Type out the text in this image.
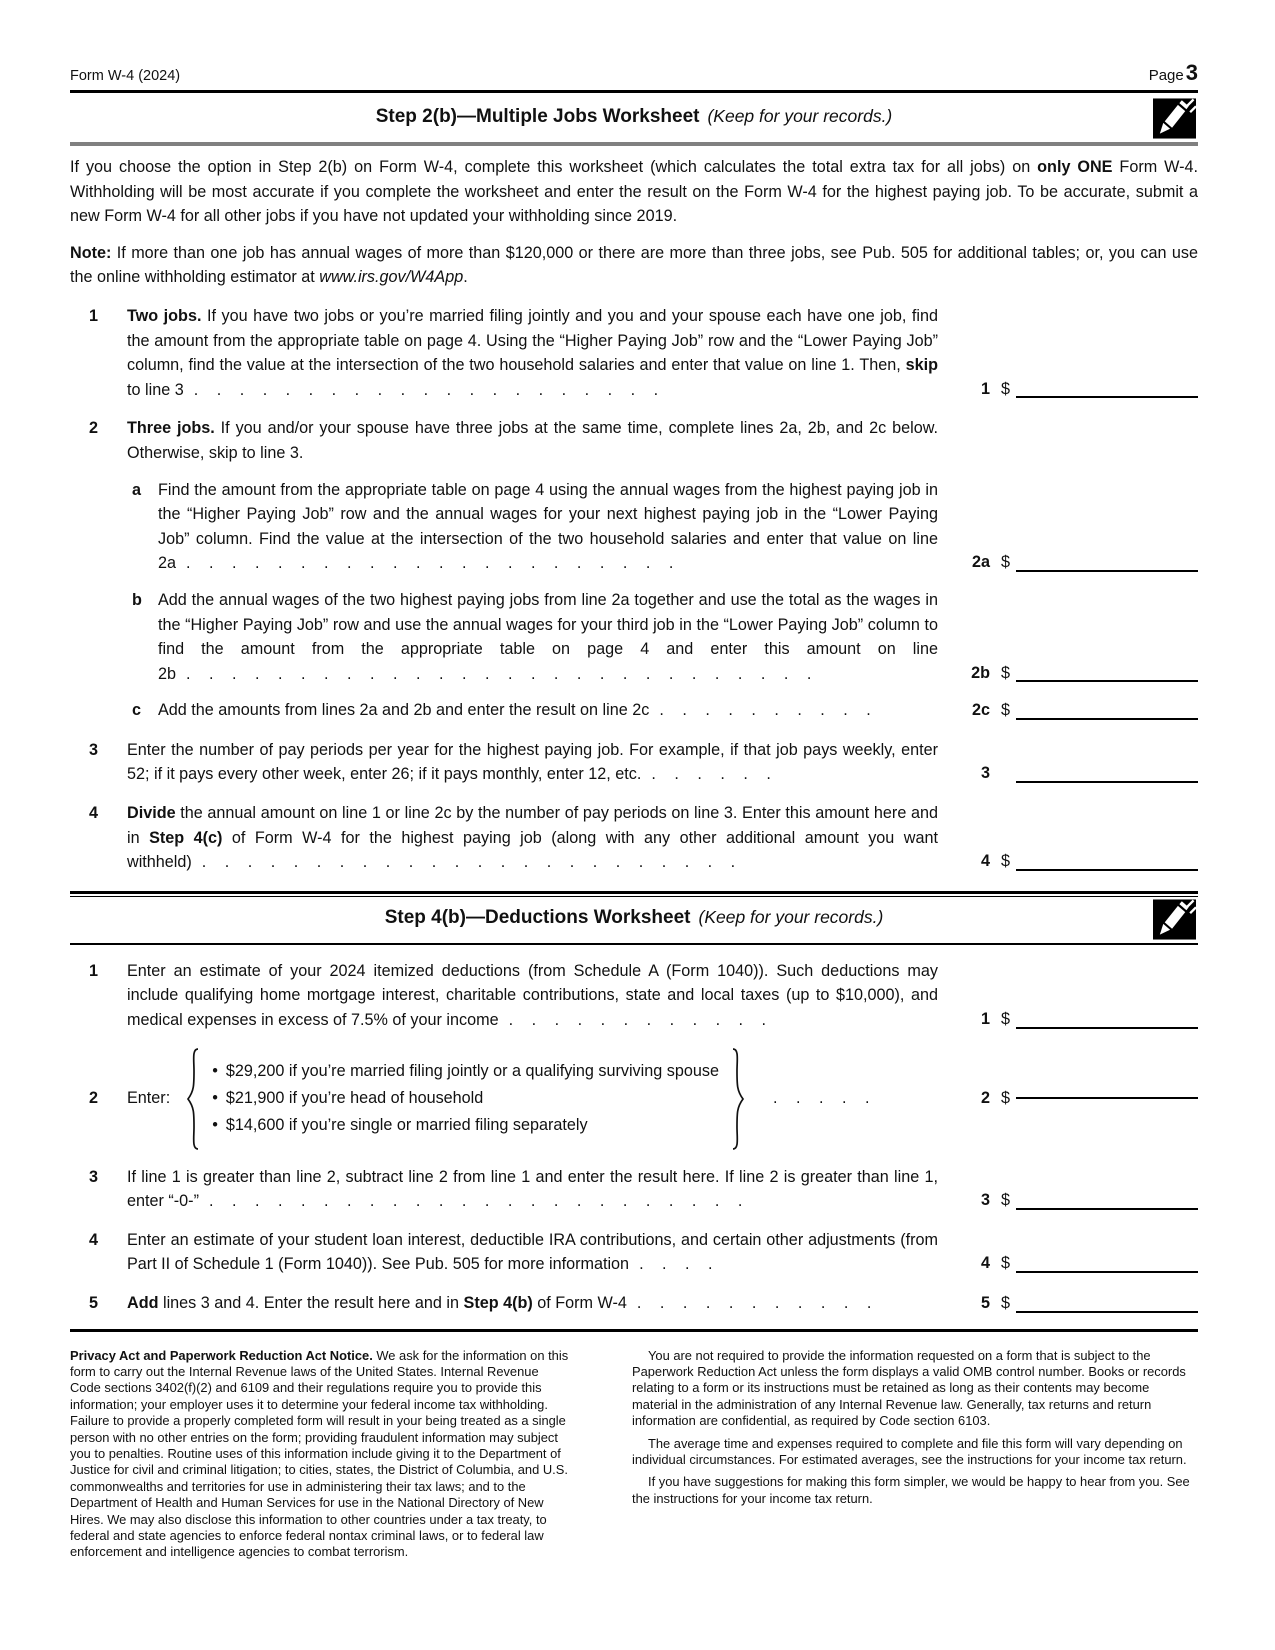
Form W-4 (2024)	Page 3
Step 2(b)—Multiple Jobs Worksheet (Keep for your records.)
If you choose the option in Step 2(b) on Form W-4, complete this worksheet (which calculates the total extra tax for all jobs) on only ONE Form W-4. Withholding will be most accurate if you complete the worksheet and enter the result on the Form W-4 for the highest paying job. To be accurate, submit a new Form W-4 for all other jobs if you have not updated your withholding since 2019.
Note: If more than one job has annual wages of more than $120,000 or there are more than three jobs, see Pub. 505 for additional tables; or, you can use the online withholding estimator at www.irs.gov/W4App.
1	Two jobs. If you have two jobs or you’re married filing jointly and you and your spouse each have one job, find the amount from the appropriate table on page 4. Using the “Higher Paying Job” row and the “Lower Paying Job” column, find the value at the intersection of the two household salaries and enter that value on line 1. Then, skip to line 3 . . . . . . . . . . . . . . . . . . . . .	1 $
2	Three jobs. If you and/or your spouse have three jobs at the same time, complete lines 2a, 2b, and 2c below. Otherwise, skip to line 3.
a	Find the amount from the appropriate table on page 4 using the annual wages from the highest paying job in the “Higher Paying Job” row and the annual wages for your next highest paying job in the “Lower Paying Job” column. Find the value at the intersection of the two household salaries and enter that value on line 2a . . . . . . . . . . . . . . . . . . . . . .	2a $
b Add the annual wages of the two highest paying jobs from line 2a together and use the total as the wages in the “Higher Paying Job” row and use the annual wages for your third job in the “Lower Paying Job” column to find the amount from the appropriate table on page 4 and enter this amount on line 2b . . . . . . . . . . . . . . . . . . . . . . . . . . . .	2b $
c	Add the amounts from lines 2a and 2b and enter the result on line 2c . . . . . . . . . .	2c $
3	Enter the number of pay periods per year for the highest paying job. For example, if that job pays weekly, enter 52; if it pays every other week, enter 26; if it pays monthly, enter 12, etc. . . . . . .	3
4	Divide the annual amount on line 1 or line 2c by the number of pay periods on line 3. Enter this amount here and in Step 4(c) of Form W-4 for the highest paying job (along with any other additional amount you want withheld) . . . . . . . . . . . . . . . . . . . . . . . .	4 $
Step 4(b)—Deductions Worksheet (Keep for your records.)
1	Enter an estimate of your 2024 itemized deductions (from Schedule A (Form 1040)). Such deductions may include qualifying home mortgage interest, charitable contributions, state and local taxes (up to $10,000), and medical expenses in excess of 7.5% of your income . . . . . . . . . . . .	1 $
2	Enter:
• $29,200 if you’re married filing jointly or a qualifying surviving spouse
• $21,900 if you’re head of household
• $14,600 if you’re single or married filing separately
. . . . .	2 $
3	If line 1 is greater than line 2, subtract line 2 from line 1 and enter the result here. If line 2 is greater than line 1, enter “-0-” . . . . . . . . . . . . . . . . . . . . . . . .	3 $
4	Enter an estimate of your student loan interest, deductible IRA contributions, and certain other adjustments (from Part II of Schedule 1 (Form 1040)). See Pub. 505 for more information . . . .	4 $
5	Add lines 3 and 4. Enter the result here and in Step 4(b) of Form W-4 . . . . . . . . . . .	5 $
Privacy Act and Paperwork Reduction Act Notice. We ask for the information on this form to carry out the Internal Revenue laws of the United States. Internal Revenue Code sections 3402(f)(2) and 6109 and their regulations require you to provide this information; your employer uses it to determine your federal income tax withholding. Failure to provide a properly completed form will result in your being treated as a single person with no other entries on the form; providing fraudulent information may subject you to penalties. Routine uses of this information include giving it to the Department of Justice for civil and criminal litigation; to cities, states, the District of Columbia, and U.S. commonwealths and territories for use in administering their tax laws; and to the Department of Health and Human Services for use in the National Directory of New Hires. We may also disclose this information to other countries under a tax treaty, to federal and state agencies to enforce federal nontax criminal laws, or to federal law enforcement and intelligence agencies to combat terrorism.

You are not required to provide the information requested on a form that is subject to the Paperwork Reduction Act unless the form displays a valid OMB control number. Books or records relating to a form or its instructions must be retained as long as their contents may become material in the administration of any Internal Revenue law. Generally, tax returns and return information are confidential, as required by Code section 6103.

The average time and expenses required to complete and file this form will vary depending on individual circumstances. For estimated averages, see the instructions for your income tax return.

If you have suggestions for making this form simpler, we would be happy to hear from you. See the instructions for your income tax return.
